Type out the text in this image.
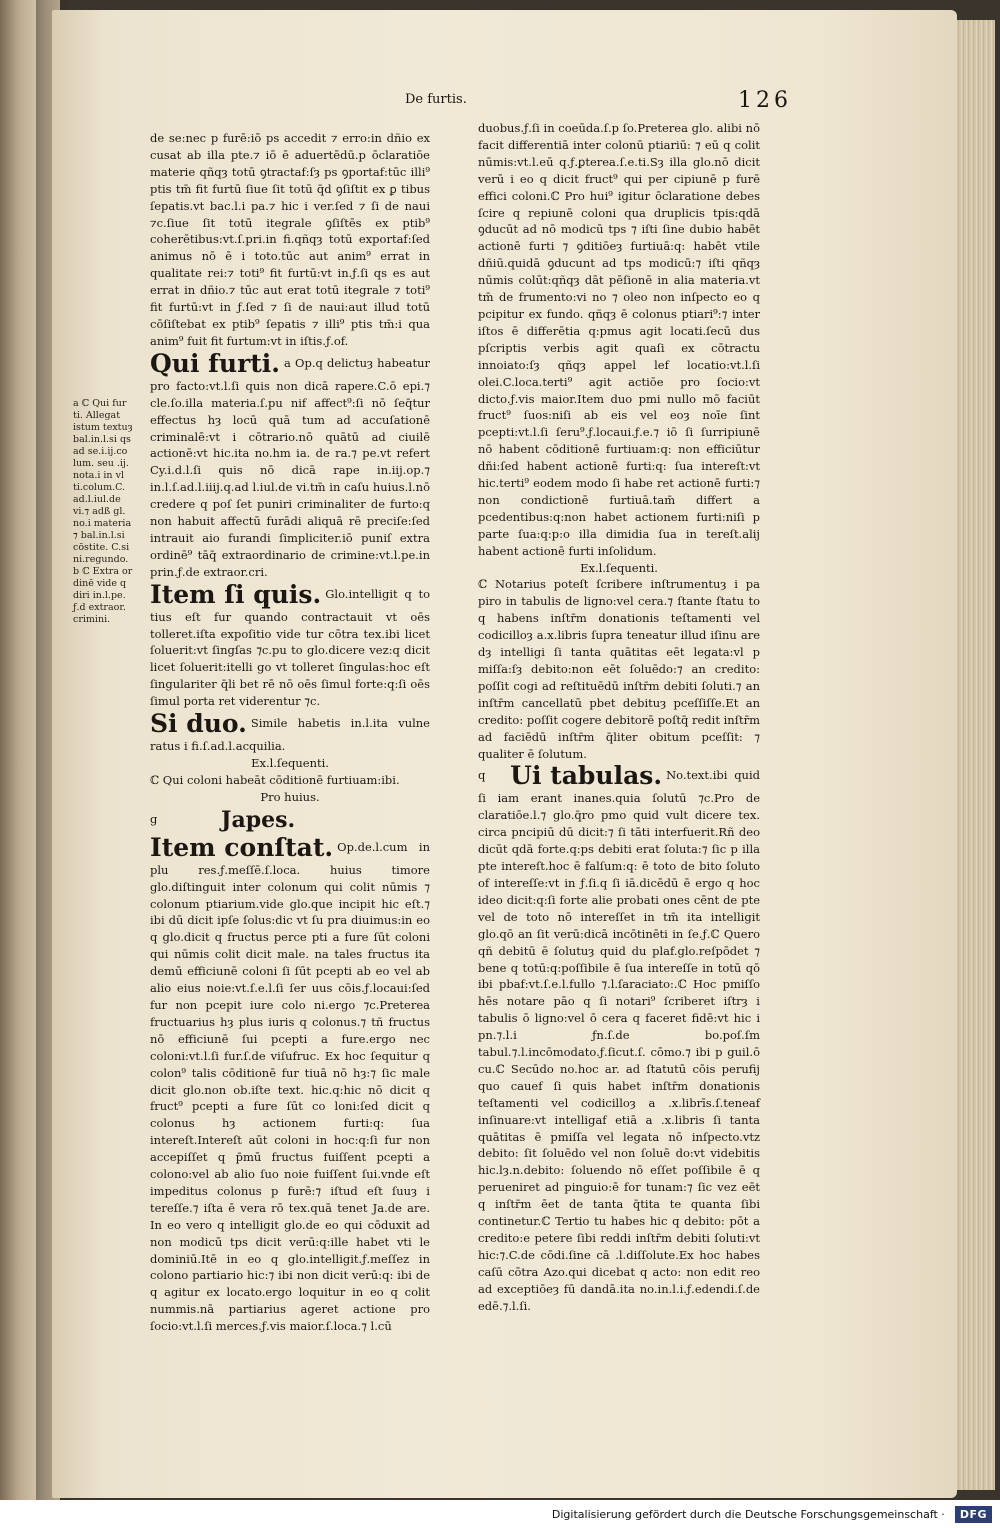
De furtis.	126

a ℂ Qui fur ti. Allegat istum textuȝ bal.in.l.si qs ad se.i.ij.co lum. seu .ij. nota.i in vl ti.colum.C. ad.l.iul.de vi.⁊ adß gl. no.i materia ⁊ bal.in.l.si cōstite. C.si ni.regundo.

b ℂ Extra or dinē vide q diri in.l.pe. ƒ.d extraor. crimini.

de se:nec p furē:iō ps accedit ⁊ erro:in dñio ex cusat ab illa pte.⁊ iō ē aduertēdū.p ōclaratiōe materie qñqȝ totū ꝯtractaf:ſȝ ps ꝯportaf:tūc illi⁹ ptis tm̄ fit furtū ſiue ſit totū q̄d ꝯſiſtit ex ꝑ tibus ſepatis.vt bac.l.i pa.⁊ hic i ver.ſed ⁊ ſi de naui ⁊c.ſiue ſit totū itegrale ꝯſiſtēs ex ptib⁹ coherētibus:vt.ſ.pri.in fi.qñqȝ totū exportaf:ſed animus nō ē i toto.tūc aut anim⁹ errat in qualitate rei:⁊ toti⁹ fit furtū:vt in.ƒ.ſi qs es aut errat in dñio.⁊ tūc aut erat totū itegrale ⁊ toti⁹ fit furtū:vt in ƒ.ſed ⁊ ſi de naui:aut illud totū cōſiſtebat ex ptib⁹ ſepatis ⁊ illi⁹ ptis tm̄:i qua anim⁹ fuit fit furtum:vt in iſtis.ƒ.of.

Qui furti. a Op.q delictuȝ habeatur pro facto:vt.l.ſi quis non dicā rapere.C.ō epi.⁊ cle.ſo.illa materia.ſ.pu nif affect⁹:ſi nō ſeq̄tur effectus hȝ locū quā tum ad accuſationē criminalē:vt i cōtrario.nō quātū ad ciuilē actionē:vt hic.ita no.hm ia. de ra.⁊ pe.vt refert Cy.i.d.l.ſi quis nō dicā rape in.iij.op.⁊ in.l.ſ.ad.l.iiij.q.ad l.iul.de vi.tm̄ in caſu huius.l.nō credere q poſ ſet puniri criminaliter de furto:q non habuit affectū furādi aliquā rē preciſe:ſed intrauit aio furandi ſimpliciter.iō puniſ extra ordinē⁹ tāq̄ extraordinario de crimine:vt.l.pe.in prin.ƒ.de extraor.cri.

Item ſi quis. Glo.intelligit q to tius eſt fur quando contractauit vt oēs tolleret.iſta expoſitio vide tur cōtra tex.ibi licet ſoluerit:vt ſingſas ⁊c.pu to glo.dicere vez:q dicit licet ſoluerit:itelli go vt tolleret ſingulas:hoc eſt ſingulariter q̄li bet rē nō oēs ſimul forte:q:ſi oēs ſimul porta ret viderentur ⁊c.

Si duo. Simile habetis in.l.ita vulne ratus i fi.ſ.ad.l.acquilia.

Ex.l.ſequenti.

ℂ Qui coloni habeāt cōditionē furtiuam:ibi.

Pro huius.

g	Japes.

Item conſtat. Op.de.l.cum in plu res.ƒ.meſſē.ſ.loca. huius timore glo.diſtinguit inter colonum qui colit nūmis ⁊ colonum ptiarium.vide glo.que incipit hic eſt.⁊ ibi dū dicit ipſe ſolus:dic vt ſu pra diuimus:in eo q glo.dicit q fructus perce pti a fure ſūt coloni qui nūmis colit dicit male. na tales fructus ita demū efficiunē coloni ſi ſūt pcepti ab eo vel ab alio eius noie:vt.ſ.e.l.ſi ſer uus cōis.ƒ.locaui:ſed fur non pcepit iure colo ni.ergo ⁊c.Preterea fructuarius hȝ plus iuris q colonus.⁊ tñ fructus nō efficiunē ſui pcepti a fure.ergo nec coloni:vt.l.ſi fur.ſ.de viſufruc. Ex hoc ſequitur q colon⁹ talis cōditionē fur tiuā nō hȝ:⁊ ſic male dicit glo.non ob.iſte text. hic.q:hic nō dicit q fruct⁹ pcepti a fure ſūt co loni:ſed dicit q colonus hȝ actionem furti:q: ſua intereſt.Intereſt aūt coloni in hoc:q:ſi fur non accepiſſet q p̄mū fructus fuiſſent pcepti a colono:vel ab alio ſuo noie fuiſſent ſui.vnde eſt impeditus colonus p furē:⁊ iſtud eſt ſuuȝ i tereſſe.⁊ iſta ē vera rō tex.quā tenet Ja.de are. In eo vero q intelligit glo.de eo qui cōduxit ad non modicū tps dicit verū:q:ille habet vti le dominiū.Itē in eo q glo.intelligit.ƒ.meſſez in colono partiario hic:⁊ ibi non dicit verū:q: ibi de q agitur ex locato.ergo loquitur in eo q colit nummis.nā partiarius ageret actione pro ſocio:vt.l.ſi merces.ƒ.vis maior.ſ.loca.⁊ l.cū

duobus.ƒ.ſi in coeūda.ſ.p ſo.Preterea glo. alibi nō facit differentiā inter colonū ptiariū: ⁊ eū q colit nūmis:vt.l.eū q.ƒ.ꝑterea.ſ.e.ti.Sȝ illa glo.nō dicit verū i eo q dicit fruct⁹ qui per cipiunē p furē effici coloni.ℂ Pro hui⁹ igitur ōclaratione debes ſcire q repiunē coloni qua druplicis tpis:qdā ꝯducūt ad nō modicū tps ⁊ iſti ſine dubio habēt actionē furti ⁊ ꝯditiōeȝ furtiuā:q: habēt vtile dñiū.quidā ꝯducunt ad tps modicū:⁊ iſti qñqȝ nūmis colūt:qñqȝ dāt pēſionē in alia materia.vt tm̄ de frumento:vi no ⁊ oleo non inſpecto eo q pcipitur ex fundo. qñqȝ ē colonus ptiari⁹:⁊ inter iſtos ē differētia q:pmus agit locati.ſecū dus pſcriptis verbis agit quaſi ex cōtractu innoiato:ſȝ qñqȝ appel lef locatio:vt.l.ſi olei.C.loca.terti⁹ agit actiōe pro ſocio:vt dicto.ƒ.vis maior.Item duo pmi nullo mō faciūt fruct⁹ ſuos:niſi ab eis vel eoȝ noīe ſint pcepti:vt.l.ſi ſeru⁹.ƒ.locaui.ƒ.e.⁊ iō ſi ſurripiunē nō habent cōditionē furtiuam:q: non efficiūtur dñi:ſed habent actionē furti:q: ſua intereſt:vt hic.terti⁹ eodem modo ſi habe ret actionē furti:⁊ non condictionē furtiuā.tam̄ differt a pcedentibus:q:non habet actionem furti:niſi p parte ſua:q:p:o illa dimidia ſua in tereſt.alij habent actionē furti inſolidum.

Ex.l.ſequenti.

ℂ Notarius poteſt ſcribere inſtrumentuȝ i pa piro in tabulis de ligno:vel cera.⁊ ſtante ſtatu to q habens inſtr̄m donationis teſtamenti vel codicilloȝ a.x.libris ſupra teneatur illud iſinu are dȝ intelligi ſi tanta quātitas eēt legata:vl p miſſa:ſȝ debito:non eēt ſoluēdo:⁊ an credito: poſſit cogi ad reſtituēdū inſtr̄m debiti ſoluti.⁊ an inſtr̄m cancellatū pbet debituȝ pceſſiſſe.Et an credito: poſſit cogere debitorē poſtq̄ redit inſtr̄m ad faciēdū inſtr̄m q̄liter obitum pceſſit: ⁊ qualiter ē ſolutum.

q Ui tabulas. No.text.ibi quid ſi iam erant inanes.quia ſolutū ⁊c.Pro de claratiōe.l.⁊ glo.q̄ro pmo quid vult dicere tex. circa pncipiū dū dicit:⁊ ſi tāti interfuerit.Rñ deo dicūt qdā forte.q:ps debiti erat ſoluta:⁊ ſic p illa pte intereſt.hoc ē falſum:q: ē toto de bito ſoluto of intereſſe:vt in ƒ.ſi.q ſi iā.dicēdū ē ergo q hoc ideo dicit:q:ſi forte alie probati ones cēnt de pte vel de toto nō intereſſet in tm̄ ita intelligit glo.qō an ſit verū:dicā incōtinēti in ſe.ƒ.ℂ Quero qñ debitū ē ſolutuȝ quid du plaf.glo.reſpōdet ⁊ bene q totū:q:poſſibile ē ſua intereſſe in totū qō ibi pbaf:vt.ſ.e.l.fullo ⁊.l.ſaraciato:.ℂ Hoc pmiſſo hēs notare pāo q ſi notari⁹ ſcriberet iſtrȝ i tabulis ō ligno:vel ō cera q faceret fidē:vt hic i pn.⁊.l.i ƒn.ſ.de bo.poſ.ſm tabul.⁊.l.incōmodato.ƒ.ſicut.ſ. cōmo.⁊ ibi p guil.ō cu.ℂ Secūdo no.hoc ar. ad ſtatutū cōis perufij quo cauef ſi quis habet inſtr̄m donationis teſtamenti vel codicilloȝ a .x.librīs.ſ.teneaf inſinuare:vt intelligaf etiā a .x.libris ſi tanta quātitas ē pmiſſa vel legata nō inſpecto.vtz debito: ſit ſoluēdo vel non ſoluē do:vt videbitis hic.lȝ.n.debito: ſoluendo nō eſſet poſſibile ē q perueniret ad pinguio:ē for tunam:⁊ ſic vez eēt q inſtr̄m ēet de tanta q̄tita te quanta ſibi continetur.ℂ Tertio tu habes hic q debito: pōt a credito:e petere ſibi reddi inſtr̄m debiti ſoluti:vt hic:⁊.C.de cōdi.ſine cā .l.diſſolute.Ex hoc habes caſū cōtra Azo.qui dicebat q acto: non edit reo ad exceptiōeȝ fū dandā.ita no.in.l.i.ƒ.edendi.ſ.de edē.⁊.l.ſi.

Digitalisierung gefördert durch die Deutsche Forschungsgemeinschaft ·	DFG
